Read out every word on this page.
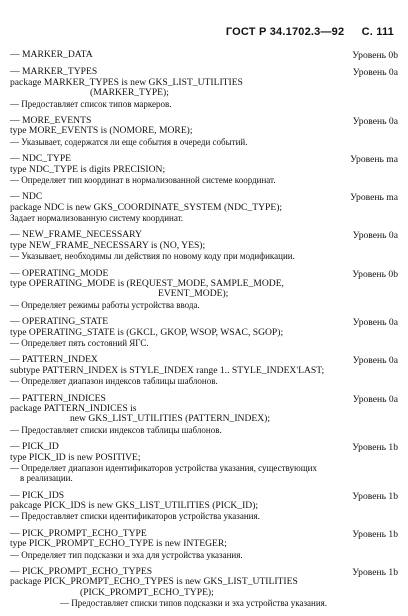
ГОСТ Р 34.1702.3—92 С. 111
— MARKER_DATA	Уровень 0b
— MARKER_TYPES	Уровень 0a
package MARKER_TYPES is new GKS_LIST_UTILITIES
(MARKER_TYPE);
— Предоставляет список типов маркеров.
— MORE_EVENTS	Уровень 0a
type MORE_EVENTS is (NOMORE, MORE);
— Указывает, содержатся ли еще события в очереди событий.
— NDC_TYPE	Уровень ma
type NDC_TYPE is digits PRECISION;
— Определяет тип координат в нормализованной системе координат.
— NDC	Уровень ma
package NDC is new GKS_COORDINATE_SYSTEM (NDC_TYPE);
Задает нормализованную систему координат.
— NEW_FRAME_NECESSARY	Уровень 0a
type NEW_FRAME_NECESSARY is (NO, YES);
— Указывает, необходимы ли действия по новому коду при модификации.
— OPERATING_MODE	Уровень 0b
type OPERATING_MODE is (REQUEST_MODE, SAMPLE_MODE,
EVENT_MODE);
— Определяет режимы работы устройства ввода.
— OPERATING_STATE	Уровень 0a
type OPERATING_STATE is (GKCL, GKOP, WSOP, WSAC, SGOP);
— Определяет пять состояний ЯГС.
— PATTERN_INDEX	Уровень 0a
subtype PATTERN_INDEX is STYLE_INDEX range 1.. STYLE_INDEX'LAST;
— Определяет диапазон индексов таблицы шаблонов.
— PATTERN_INDICES	Уровень 0a
package PATTERN_INDICES is
new GKS_LIST_UTILITIES (PATTERN_INDEX);
— Предоставляет списки индексов таблицы шаблонов.
— PICK_ID	Уровень 1b
type PICK_ID is new POSITIVE;
— Определяет диапазон идентификаторов устройства указания, существующих
в реализации.
— PICK_IDS	Уровень 1b
pakcage PICK_IDS is new GKS_LIST_UTILITIES (PICK_ID);
— Предоставляет списки идентификаторов устройства указания.
— PICK_PROMPT_ECHO_TYPE	Уровень 1b
type PICK_PROMPT_ECHO_TYPE is new INTEGER;
— Определяет тип подсказки и эха для устройства указания.
— PICK_PROMPT_ECHO_TYPES	Уровень 1b
package PICK_PROMPT_ECHO_TYPES is new GKS_LIST_UTILITIES
(PICK_PROMPT_ECHO_TYPE);
— Предоставляет списки типов подсказки и эха устройства указания.
